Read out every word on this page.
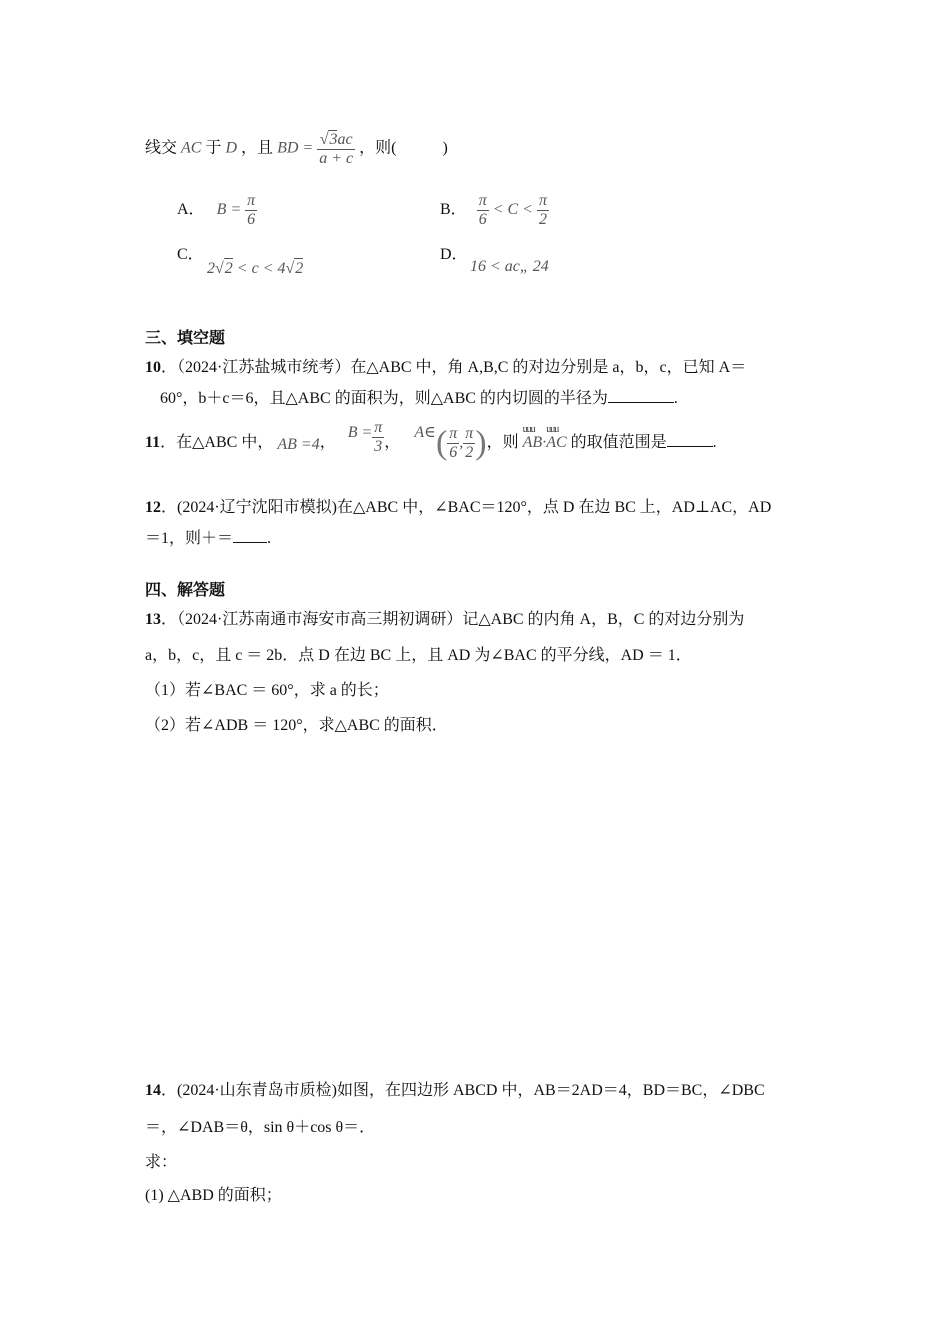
线交 AC 于 D ，且 BD = $\frac{√3ac}{a + c}$ ，则(	)
A． $B = \frac{\pi}{6}$	B． $\frac{\pi}{6} < C < \frac{\pi}{2}$
C．
2√2 < c < 4√2
D．
16 < ac„ 24
三、填空题
10．（2024·江苏盐城市统考）在△ABC 中，角 A,B,C 的对边分别是 a，b，c，已知 A＝
60°，b＋c＝6，且△ABC 的面积为，则△ABC 的内切圆的半径为	.
11．在△ABC 中， AB =4， $B = \frac{\pi}{3}$ ， A∈( $\frac{\pi}{6}$ , $\frac{\pi}{2}$ )，则
uuu
AB·
uuu
AC 的取值范围是	.
12．(2024·辽宁沈阳市模拟)在△ABC 中，∠BAC＝120°，点 D 在边 BC 上，AD⊥AC，AD
＝1，则＋＝ .
四、解答题
13．（2024·江苏南通市海安市高三期初调研）记△ABC 的内角 A，B，C 的对边分别为
a，b，c，且 c ＝ 2b．点 D 在边 BC 上，且 AD 为∠BAC 的平分线，AD ＝ 1．
（1）若∠BAC ＝ 60°，求 a 的长；
（2）若∠ADB ＝ 120°，求△ABC 的面积．
14．(2024·山东青岛市质检)如图，在四边形 ABCD 中，AB＝2AD＝4，BD＝BC，∠DBC
＝，∠DAB＝θ，sin θ＋cos θ＝．
求：
(1) △ABD 的面积；
